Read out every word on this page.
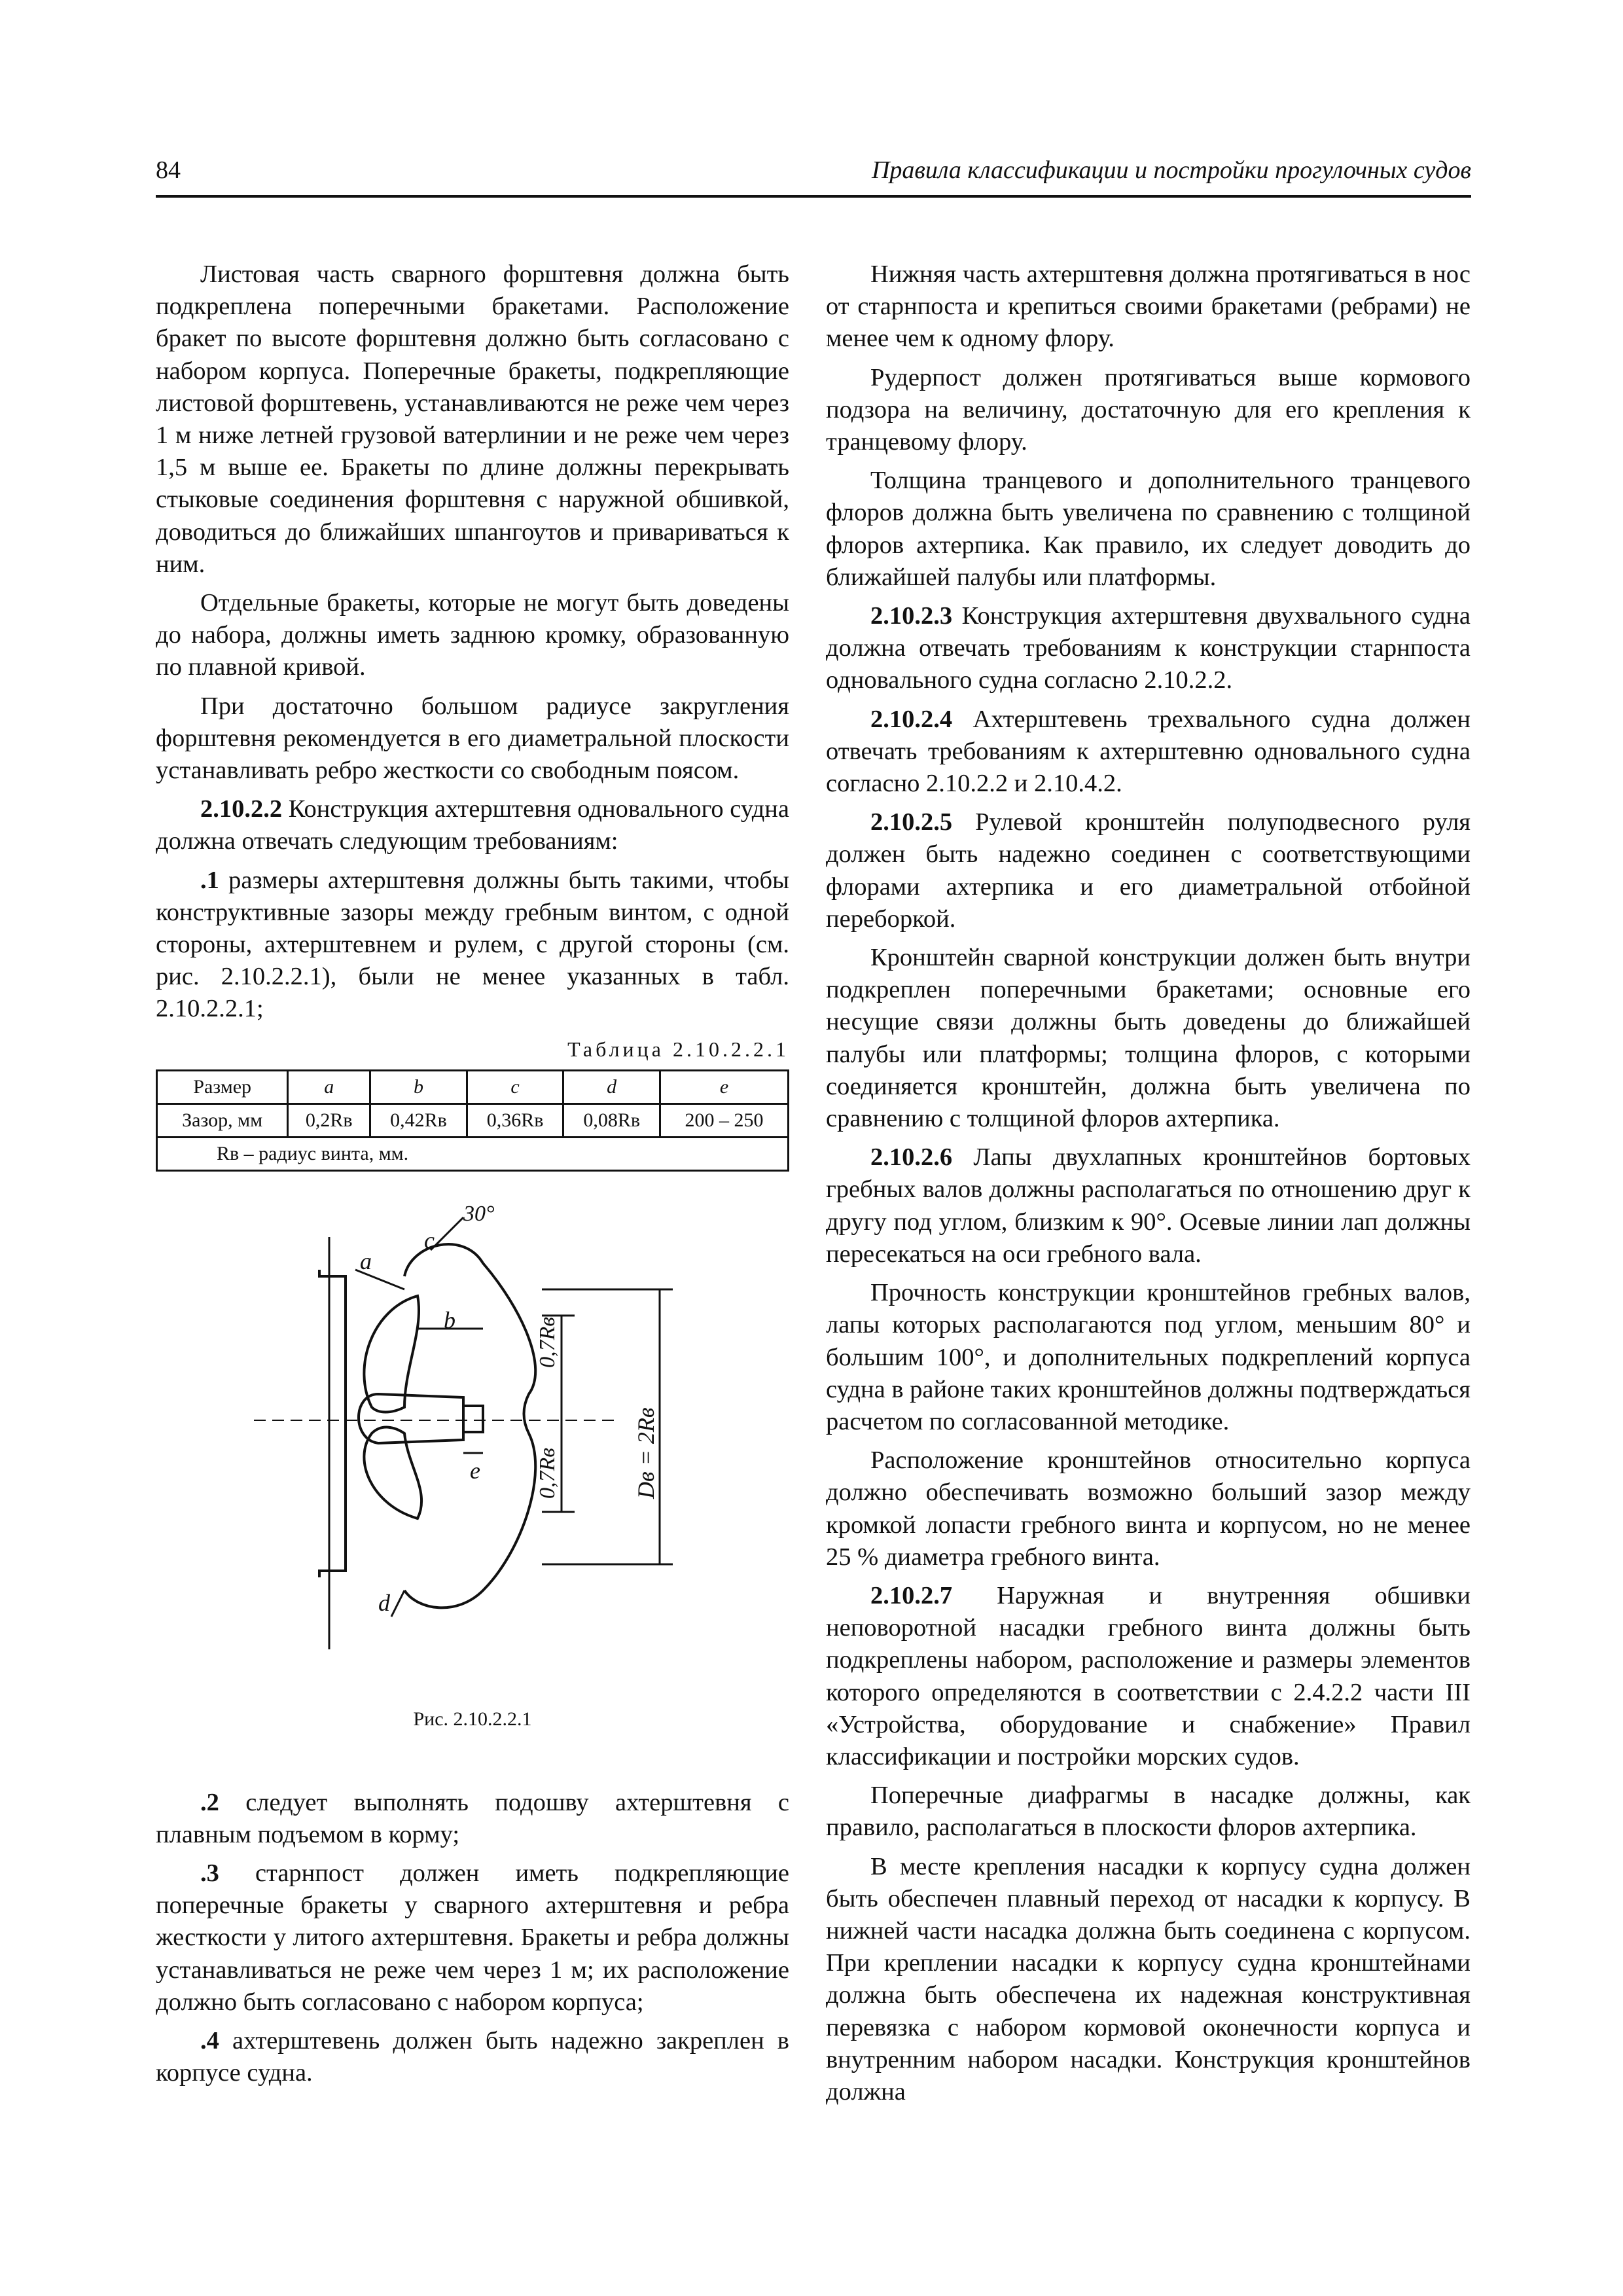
84	Правила классификации и постройки прогулочных судов

Листовая часть сварного форштевня должна быть подкреплена поперечными бракетами. Расположение бракет по высоте форштевня должно быть согласовано с набором корпуса. Поперечные бракеты, подкрепляющие листовой форштевень, устанавливаются не реже чем через 1 м ниже летней грузовой ватерлинии и не реже чем через 1,5 м выше ее. Бракеты по длине должны перекрывать стыковые соединения форштевня с наружной обшивкой, доводиться до ближайших шпангоутов и привариваться к ним.

Отдельные бракеты, которые не могут быть доведены до набора, должны иметь заднюю кромку, образованную по плавной кривой.

При достаточно большом радиусе закругления форштевня рекомендуется в его диаметральной плоскости устанавливать ребро жесткости со свободным поясом.

2.10.2.2 Конструкция ахтерштевня одновального судна должна отвечать следующим требованиям:

.1 размеры ахтерштевня должны быть такими, чтобы конструктивные зазоры между гребным винтом, с одной стороны, ахтерштевнем и рулем, с другой стороны (см. рис. 2.10.2.2.1), были не менее указанных в табл. 2.10.2.2.1;

Таблица 2.10.2.2.1
Размер	a	b	c	d	e
Зазор, мм	0,2Rв	0,42Rв	0,36Rв	0,08Rв	200 – 250
Rв – радиус винта, мм.					
a
b
c
d
e
30°
0,7Rв
0,7Rв	Dв = 2Rв
Рис. 2.10.2.2.1

.2 следует выполнять подошву ахтерштевня с плавным подъемом в корму;

.3 старнпост должен иметь подкрепляющие поперечные бракеты у сварного ахтерштевня и ребра жесткости у литого ахтерштевня. Бракеты и ребра должны устанавливаться не реже чем через 1 м; их расположение должно быть согласовано с набором корпуса;

.4 ахтерштевень должен быть надежно закреплен в корпусе судна.

Нижняя часть ахтерштевня должна протягиваться в нос от старнпоста и крепиться своими бракетами (ребрами) не менее чем к одному флору.

Рудерпост должен протягиваться выше кормового подзора на величину, достаточную для его крепления к транцевому флору.

Толщина транцевого и дополнительного транцевого флоров должна быть увеличена по сравнению с толщиной флоров ахтерпика. Как правило, их следует доводить до ближайшей палубы или платформы.

2.10.2.3 Конструкция ахтерштевня двухвального судна должна отвечать требованиям к конструкции старнпоста одновального судна согласно 2.10.2.2.

2.10.2.4 Ахтерштевень трехвального судна должен отвечать требованиям к ахтерштевню одновального судна согласно 2.10.2.2 и 2.10.4.2.

2.10.2.5 Рулевой кронштейн полуподвесного руля должен быть надежно соединен с соответствующими флорами ахтерпика и его диаметральной отбойной переборкой.

Кронштейн сварной конструкции должен быть внутри подкреплен поперечными бракетами; основные его несущие связи должны быть доведены до ближайшей палубы или платформы; толщина флоров, с которыми соединяется кронштейн, должна быть увеличена по сравнению с толщиной флоров ахтерпика.

2.10.2.6 Лапы двухлапных кронштейнов бортовых гребных валов должны располагаться по отношению друг к другу под углом, близким к 90°. Осевые линии лап должны пересекаться на оси гребного вала.

Прочность конструкции кронштейнов гребных валов, лапы которых располагаются под углом, меньшим 80° и большим 100°, и дополнительных подкреплений корпуса судна в районе таких кронштейнов должны подтверждаться расчетом по согласованной методике.

Расположение кронштейнов относительно корпуса должно обеспечивать возможно больший зазор между кромкой лопасти гребного винта и корпусом, но не менее 25 % диаметра гребного винта.

2.10.2.7 Наружная и внутренняя обшивки неповоротной насадки гребного винта должны быть подкреплены набором, расположение и размеры элементов которого определяются в соответствии с 2.4.2.2 части III «Устройства, оборудование и снабжение» Правил классификации и постройки морских судов.

Поперечные диафрагмы в насадке должны, как правило, располагаться в плоскости флоров ахтерпика.

В месте крепления насадки к корпусу судна должен быть обеспечен плавный переход от насадки к корпусу. В нижней части насадка должна быть соединена с корпусом. При креплении насадки к корпусу судна кронштейнами должна быть обеспечена их надежная конструктивная перевязка с набором кормовой оконечности корпуса и внутренним набором насадки. Конструкция кронштейнов должна
